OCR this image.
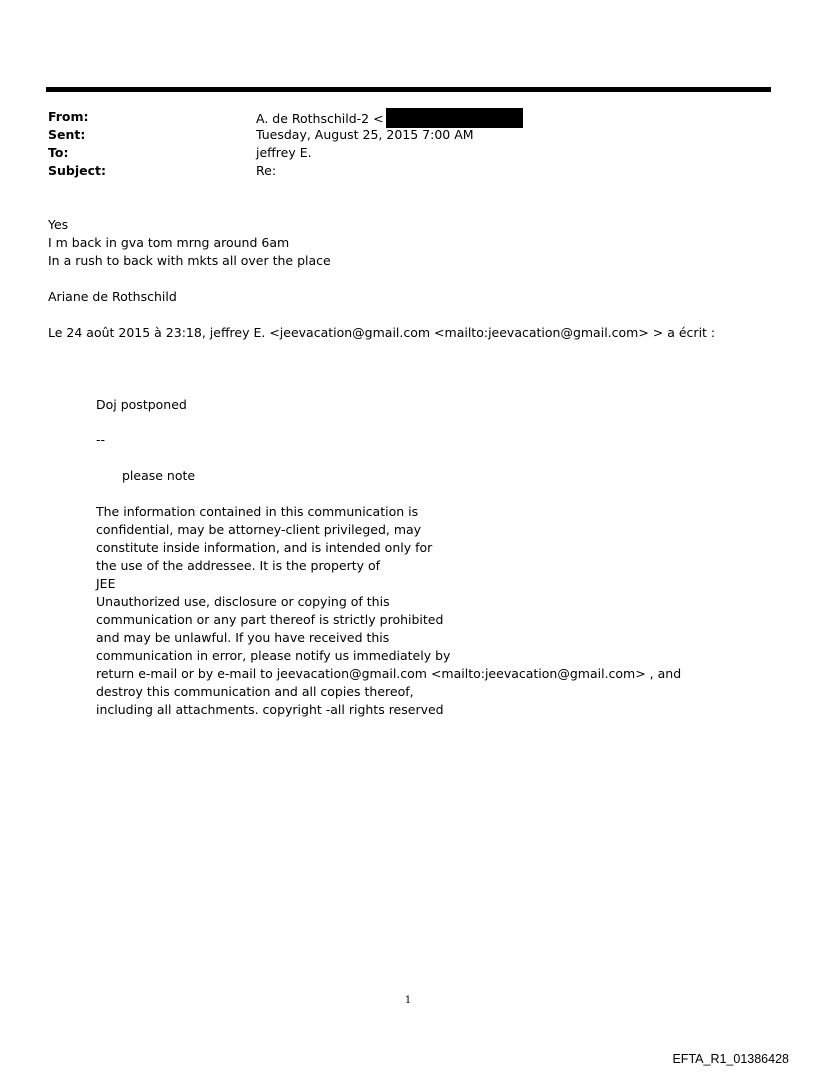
From:	A. de Rothschild-2 <
Sent:	Tuesday, August 25, 2015 7:00 AM
To:	jeffrey E.
Subject:	Re:
Yes
I m back in gva tom mrng around 6am
In a rush to back with mkts all over the place
Ariane de Rothschild
Le 24 août 2015 à 23:18, jeffrey E. <jeevacation@gmail.com <mailto:jeevacation@gmail.com> > a écrit :
Doj postponed
--
please note
The information contained in this communication is
confidential, may be attorney-client privileged, may
constitute inside information, and is intended only for
the use of the addressee. It is the property of
JEE
Unauthorized use, disclosure or copying of this
communication or any part thereof is strictly prohibited
and may be unlawful. If you have received this
communication in error, please notify us immediately by
return e-mail or by e-mail to jeevacation@gmail.com <mailto:jeevacation@gmail.com> , and
destroy this communication and all copies thereof,
including all attachments. copyright -all rights reserved
1
EFTA_R1_01386428
